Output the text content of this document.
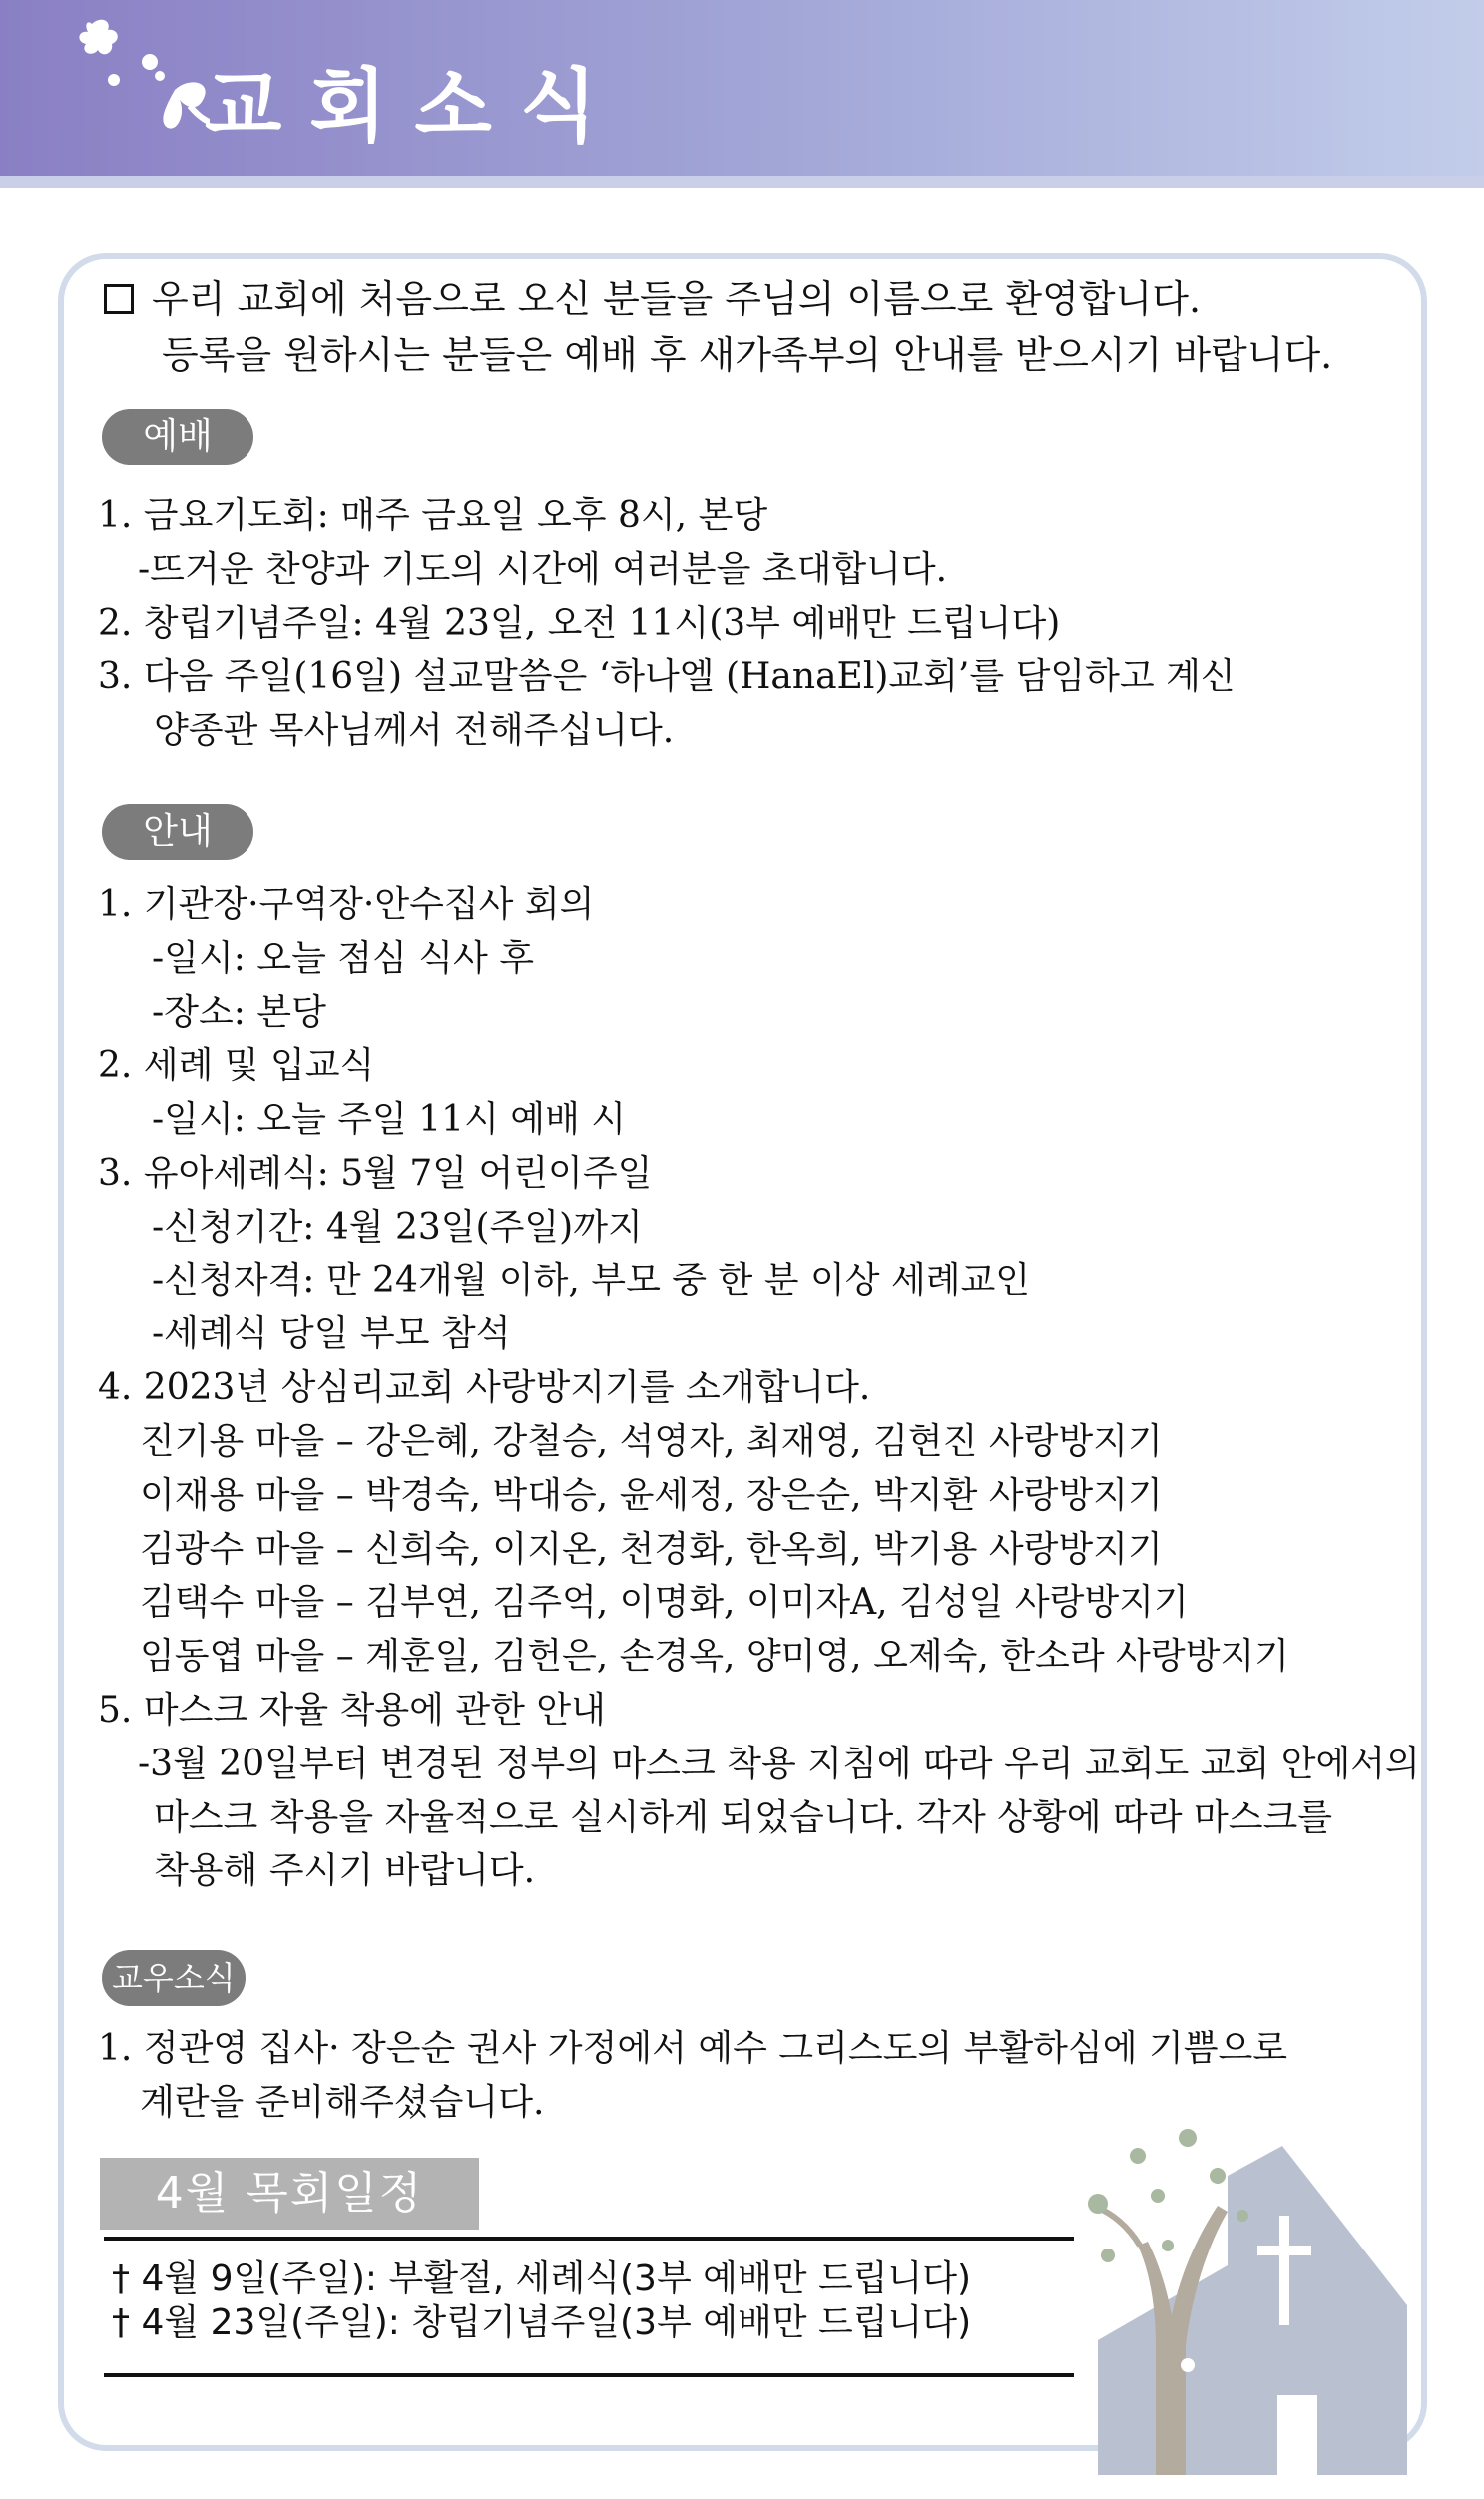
교회소식
우리 교회에 처음으로 오신 분들을 주님의 이름으로 환영합니다.
등록을 원하시는 분들은 예배 후 새가족부의 안내를 받으시기 바랍니다.
예배
1. 금요기도회: 매주 금요일 오후 8시, 본당
-뜨거운 찬양과 기도의 시간에 여러분을 초대합니다.
2. 창립기념주일: 4월 23일, 오전 11시(3부 예배만 드립니다)
3. 다음 주일(16일) 설교말씀은 ‘하나엘 (HanaEl)교회’를 담임하고 계신
양종관 목사님께서 전해주십니다.
안내
1. 기관장·구역장·안수집사 회의
-일시: 오늘 점심 식사 후
-장소: 본당
2. 세례 및 입교식
-일시: 오늘 주일 11시 예배 시
3. 유아세례식: 5월 7일 어린이주일
-신청기간: 4월 23일(주일)까지
-신청자격: 만 24개월 이하, 부모 중 한 분 이상 세례교인
-세례식 당일 부모 참석
4. 2023년 상심리교회 사랑방지기를 소개합니다.
진기용 마을 – 강은혜, 강철승, 석영자, 최재영, 김현진 사랑방지기
이재용 마을 – 박경숙, 박대승, 윤세정, 장은순, 박지환 사랑방지기
김광수 마을 – 신희숙, 이지온, 천경화, 한옥희, 박기용 사랑방지기
김택수 마을 – 김부연, 김주억, 이명화, 이미자A, 김성일 사랑방지기
임동엽 마을 – 계훈일, 김헌은, 손경옥, 양미영, 오제숙, 한소라 사랑방지기
5. 마스크 자율 착용에 관한 안내
-3월 20일부터 변경된 정부의 마스크 착용 지침에 따라 우리 교회도 교회 안에서의
마스크 착용을 자율적으로 실시하게 되었습니다. 각자 상황에 따라 마스크를
착용해 주시기 바랍니다.
교우소식
1. 정관영 집사· 장은순 권사 가정에서 예수 그리스도의 부활하심에 기쁨으로
계란을 준비해주셨습니다.
4월 목회일정
† 4월 9일(주일): 부활절, 세례식(3부 예배만 드립니다)
† 4월 23일(주일): 창립기념주일(3부 예배만 드립니다)
